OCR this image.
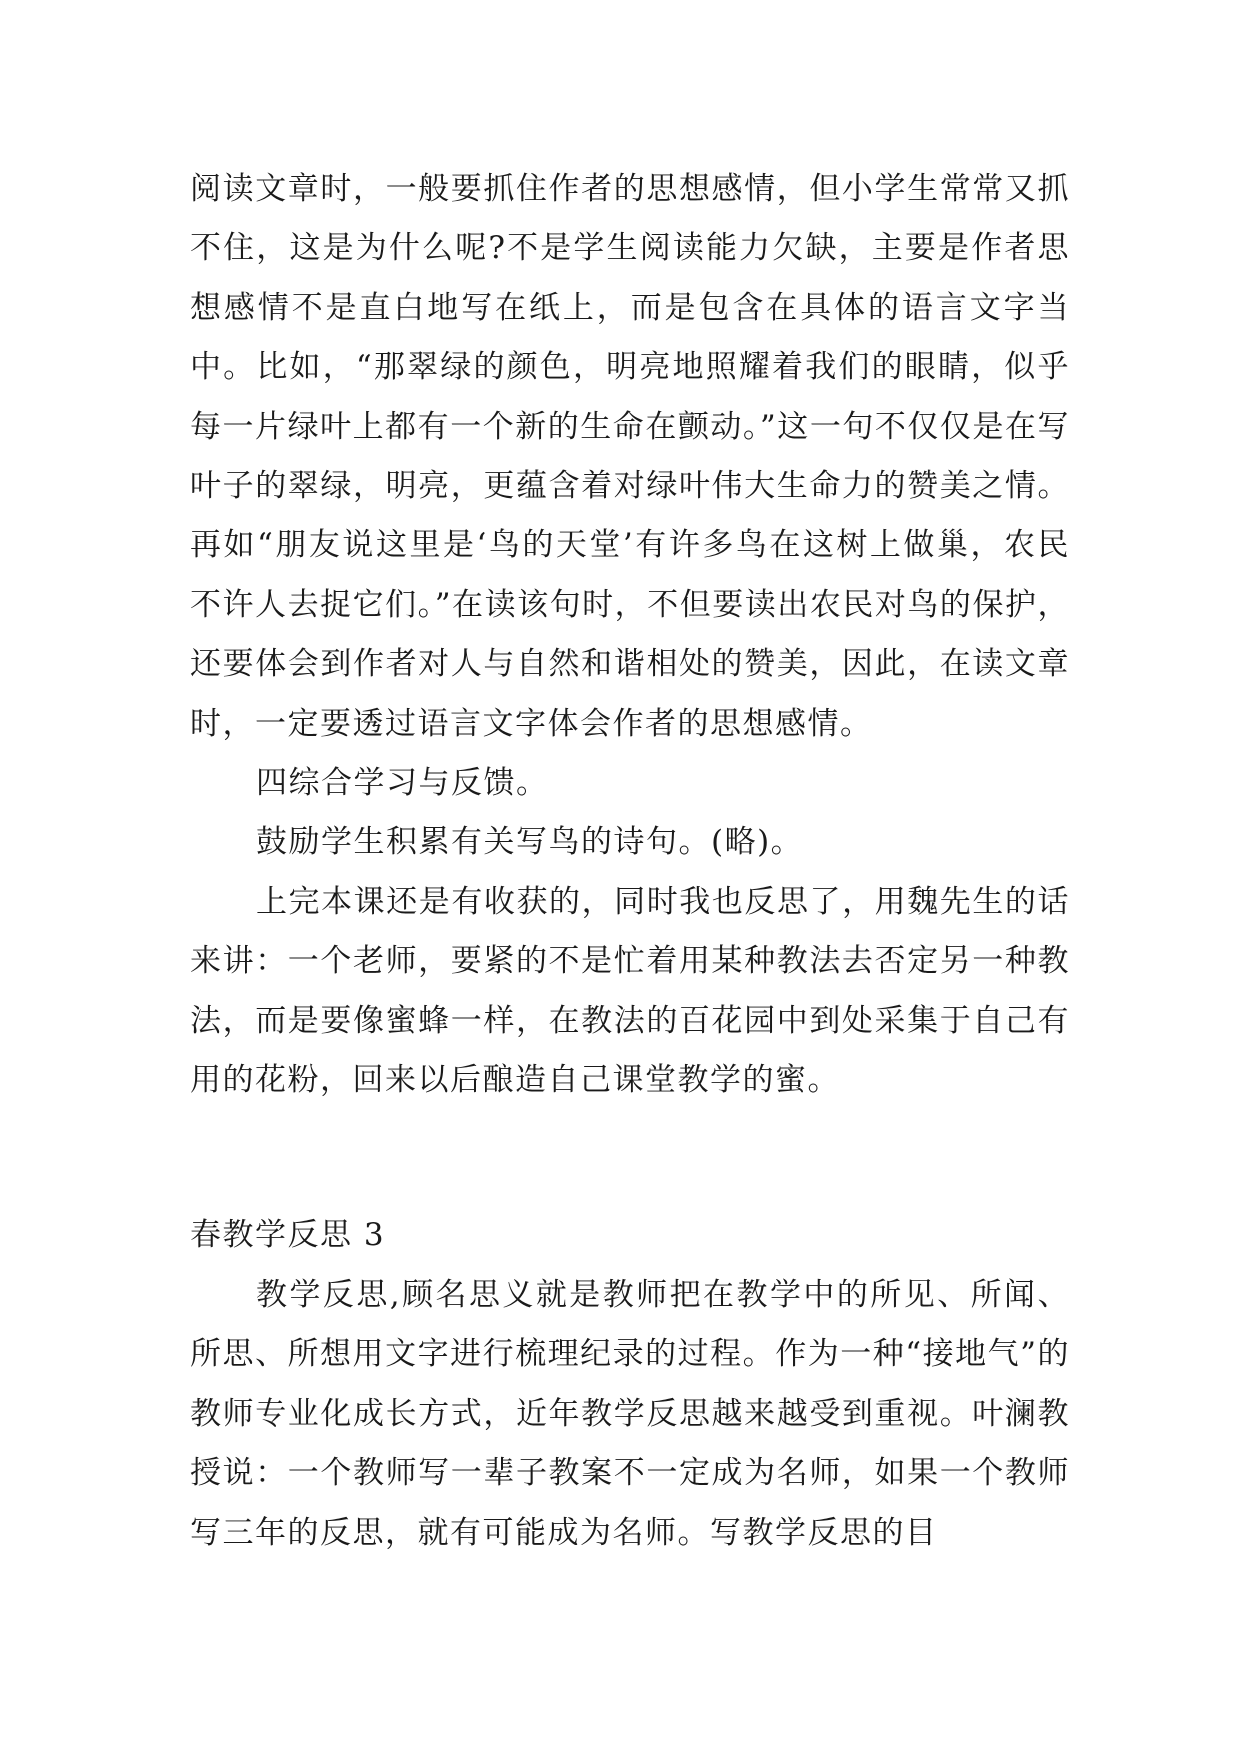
阅读文章时，一般要抓住作者的思想感情，但小学生常常又抓不住，这是为什么呢?不是学生阅读能力欠缺，主要是作者思想感情不是直白地写在纸上，而是包含在具体的语言文字当中。比如，“那翠绿的颜色，明亮地照耀着我们的眼睛，似乎每一片绿叶上都有一个新的生命在颤动。”这一句不仅仅是在写叶子的翠绿，明亮，更蕴含着对绿叶伟大生命力的赞美之情。再如“朋友说这里是‘鸟的天堂’有许多鸟在这树上做巢，农民不许人去捉它们。”在读该句时，不但要读出农民对鸟的保护，还要体会到作者对人与自然和谐相处的赞美，因此，在读文章时，一定要透过语言文字体会作者的思想感情。

四综合学习与反馈。

鼓励学生积累有关写鸟的诗句。(略)。

上完本课还是有收获的，同时我也反思了，用魏先生的话来讲：一个老师，要紧的不是忙着用某种教法去否定另一种教法，而是要像蜜蜂一样，在教法的百花园中到处采集于自己有用的花粉，回来以后酿造自己课堂教学的蜜。

春教学反思 3

教学反思,顾名思义就是教师把在教学中的所见、所闻、所思、所想用文字进行梳理纪录的过程。作为一种“接地气”的教师专业化成长方式，近年教学反思越来越受到重视。叶澜教授说：一个教师写一辈子教案不一定成为名师，如果一个教师写三年的反思，就有可能成为名师。写教学反思的目
